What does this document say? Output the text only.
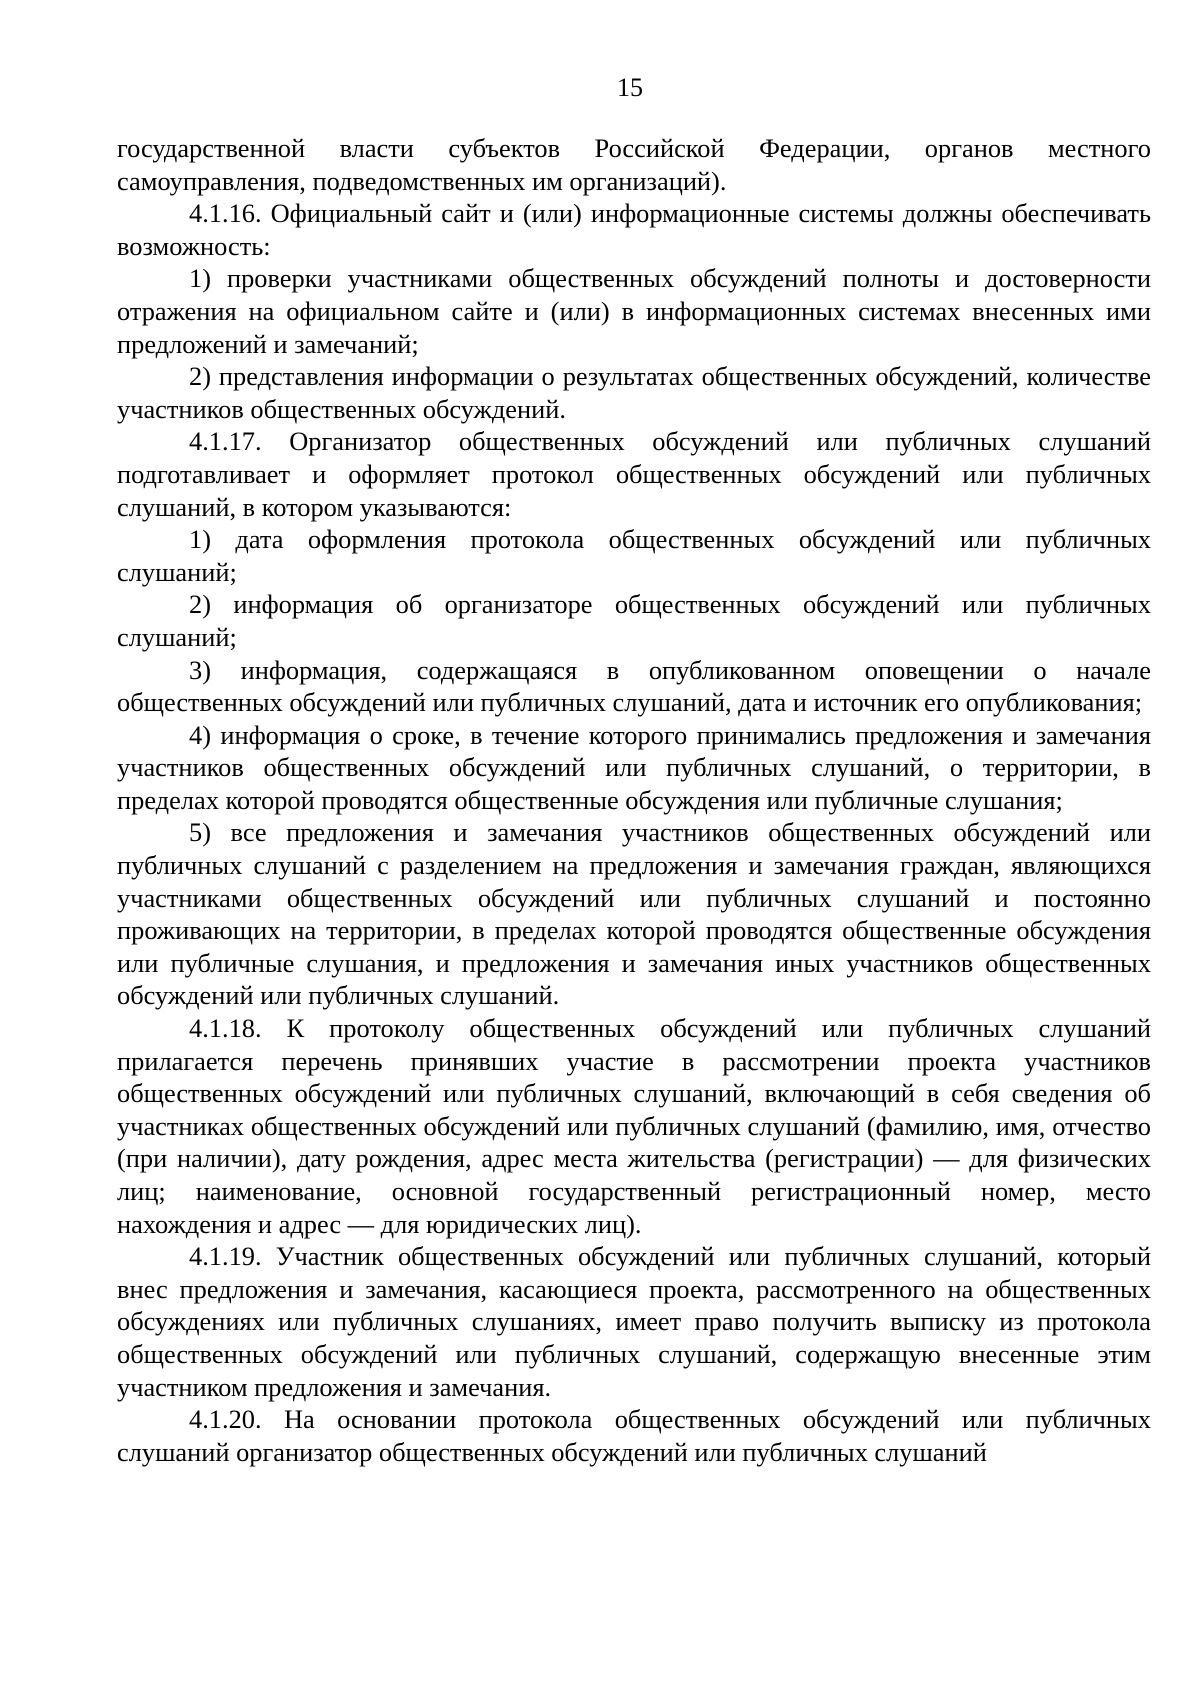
15

государственной власти субъектов Российской Федерации, органов местного самоуправления, подведомственных им организаций).

4.1.16. Официальный сайт и (или) информационные системы должны обеспечивать возможность:

1) проверки участниками общественных обсуждений полноты и достоверности отражения на официальном сайте и (или) в информационных системах внесенных ими предложений и замечаний;

2) представления информации о результатах общественных обсуждений, количестве участников общественных обсуждений.

4.1.17. Организатор общественных обсуждений или публичных слушаний подготавливает и оформляет протокол общественных обсуждений или публичных слушаний, в котором указываются:

1) дата оформления протокола общественных обсуждений или публичных слушаний;

2) информация об организаторе общественных обсуждений или публичных слушаний;

3) информация, содержащаяся в опубликованном оповещении о начале общественных обсуждений или публичных слушаний, дата и источник его опубликования;

4) информация о сроке, в течение которого принимались предложения и замечания участников общественных обсуждений или публичных слушаний, о территории, в пределах которой проводятся общественные обсуждения или публичные слушания;

5) все предложения и замечания участников общественных обсуждений или публичных слушаний с разделением на предложения и замечания граждан, являющихся участниками общественных обсуждений или публичных слушаний и постоянно проживающих на территории, в пределах которой проводятся общественные обсуждения или публичные слушания, и предложения и замечания иных участников общественных обсуждений или публичных слушаний.

4.1.18. К протоколу общественных обсуждений или публичных слушаний прилагается перечень принявших участие в рассмотрении проекта участников общественных обсуждений или публичных слушаний, включающий в себя сведения об участниках общественных обсуждений или публичных слушаний (фамилию, имя, отчество (при наличии), дату рождения, адрес места жительства (регистрации) — для физических лиц; наименование, основной государственный регистрационный номер, место нахождения и адрес — для юридических лиц).

4.1.19. Участник общественных обсуждений или публичных слушаний, который внес предложения и замечания, касающиеся проекта, рассмотренного на общественных обсуждениях или публичных слушаниях, имеет право получить выписку из протокола общественных обсуждений или публичных слушаний, содержащую внесенные этим участником предложения и замечания.

4.1.20. На основании протокола общественных обсуждений или публичных слушаний организатор общественных обсуждений или публичных слушаний
